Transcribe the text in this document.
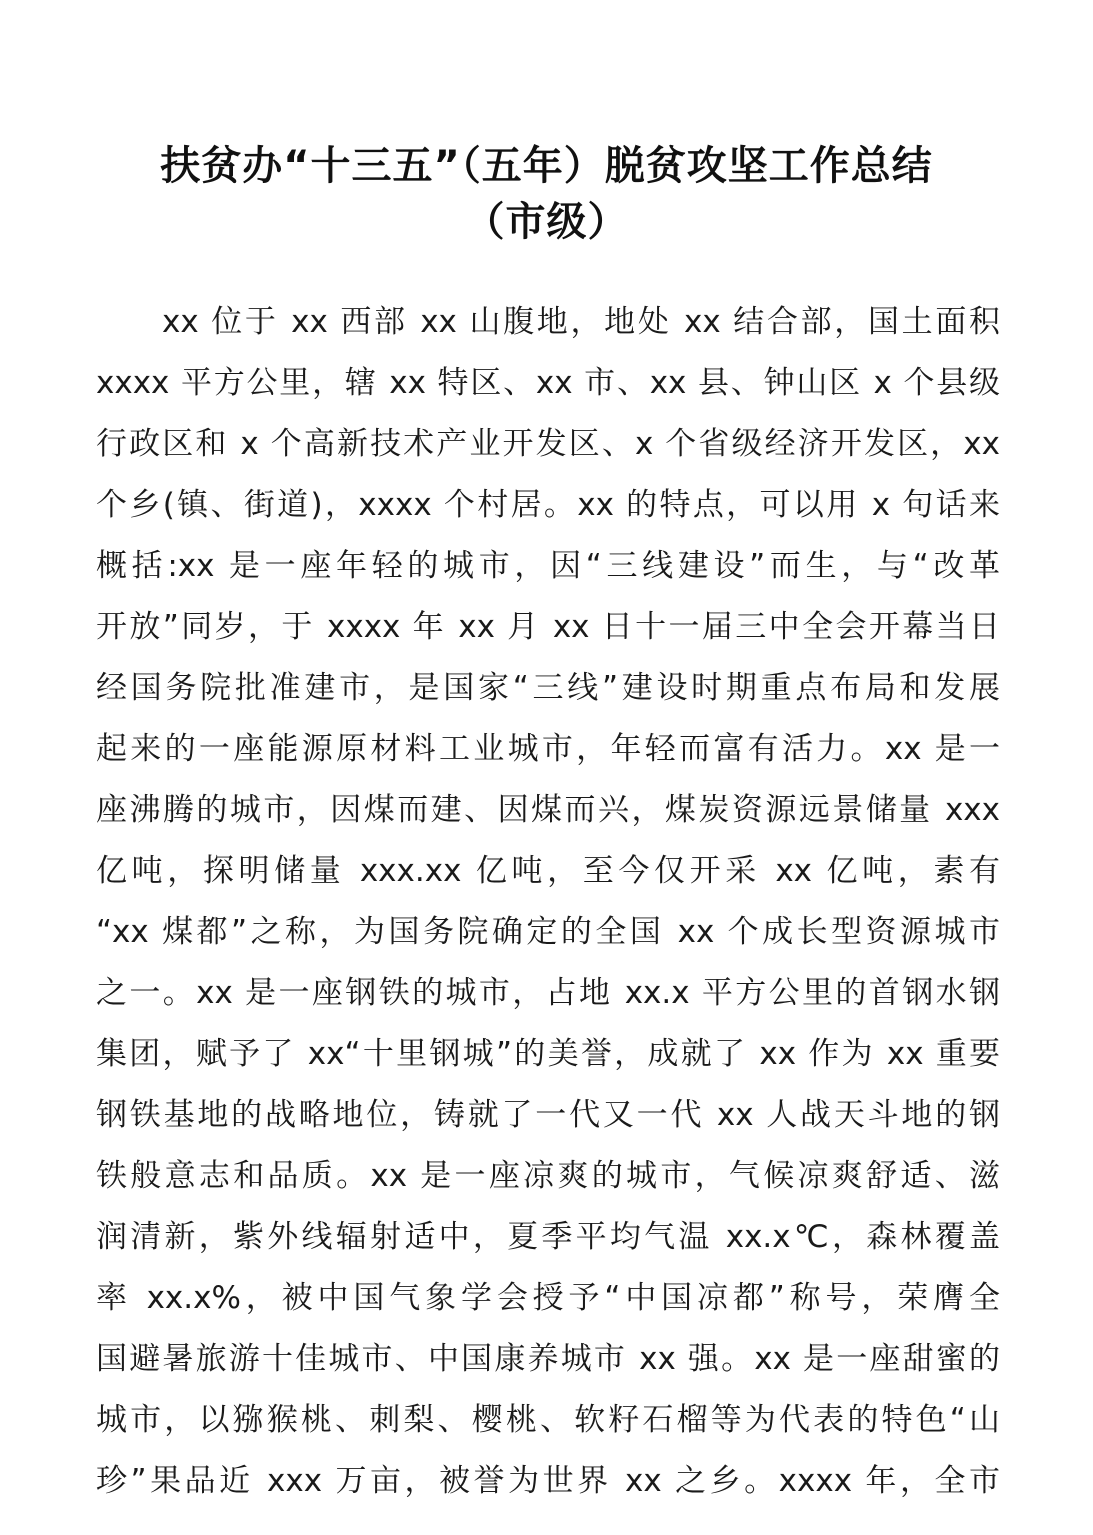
扶贫办“十三五”（五年）脱贫攻坚工作总结
（市级）
xx 位于 xx 西部 xx 山腹地，地处 xx 结合部，国土面积
xxxx 平方公里，辖 xx 特区、xx 市、xx 县、钟山区 x 个县级
行政区和 x 个高新技术产业开发区、x 个省级经济开发区，xx
个乡(镇、街道)，xxxx 个村居。xx 的特点，可以用 x 句话来
概括:xx 是一座年轻的城市，因“三线建设”而生，与“改革
开放”同岁，于 xxxx 年 xx 月 xx 日十一届三中全会开幕当日
经国务院批准建市，是国家“三线”建设时期重点布局和发展
起来的一座能源原材料工业城市，年轻而富有活力。xx 是一
座沸腾的城市，因煤而建、因煤而兴，煤炭资源远景储量 xxx
亿吨，探明储量 xxx.xx 亿吨，至今仅开采 xx 亿吨，素有
“xx 煤都”之称，为国务院确定的全国 xx 个成长型资源城市
之一。xx 是一座钢铁的城市，占地 xx.x 平方公里的首钢水钢
集团，赋予了 xx“十里钢城”的美誉，成就了 xx 作为 xx 重要
钢铁基地的战略地位，铸就了一代又一代 xx 人战天斗地的钢
铁般意志和品质。xx 是一座凉爽的城市，气候凉爽舒适、滋
润清新，紫外线辐射适中，夏季平均气温 xx.x℃，森林覆盖
率 xx.x%，被中国气象学会授予“中国凉都”称号，荣膺全
国避暑旅游十佳城市、中国康养城市 xx 强。xx 是一座甜蜜的
城市，以猕猴桃、刺梨、樱桃、软籽石榴等为代表的特色“山
珍”果品近 xxx 万亩，被誉为世界 xx 之乡。xxxx 年，全市
